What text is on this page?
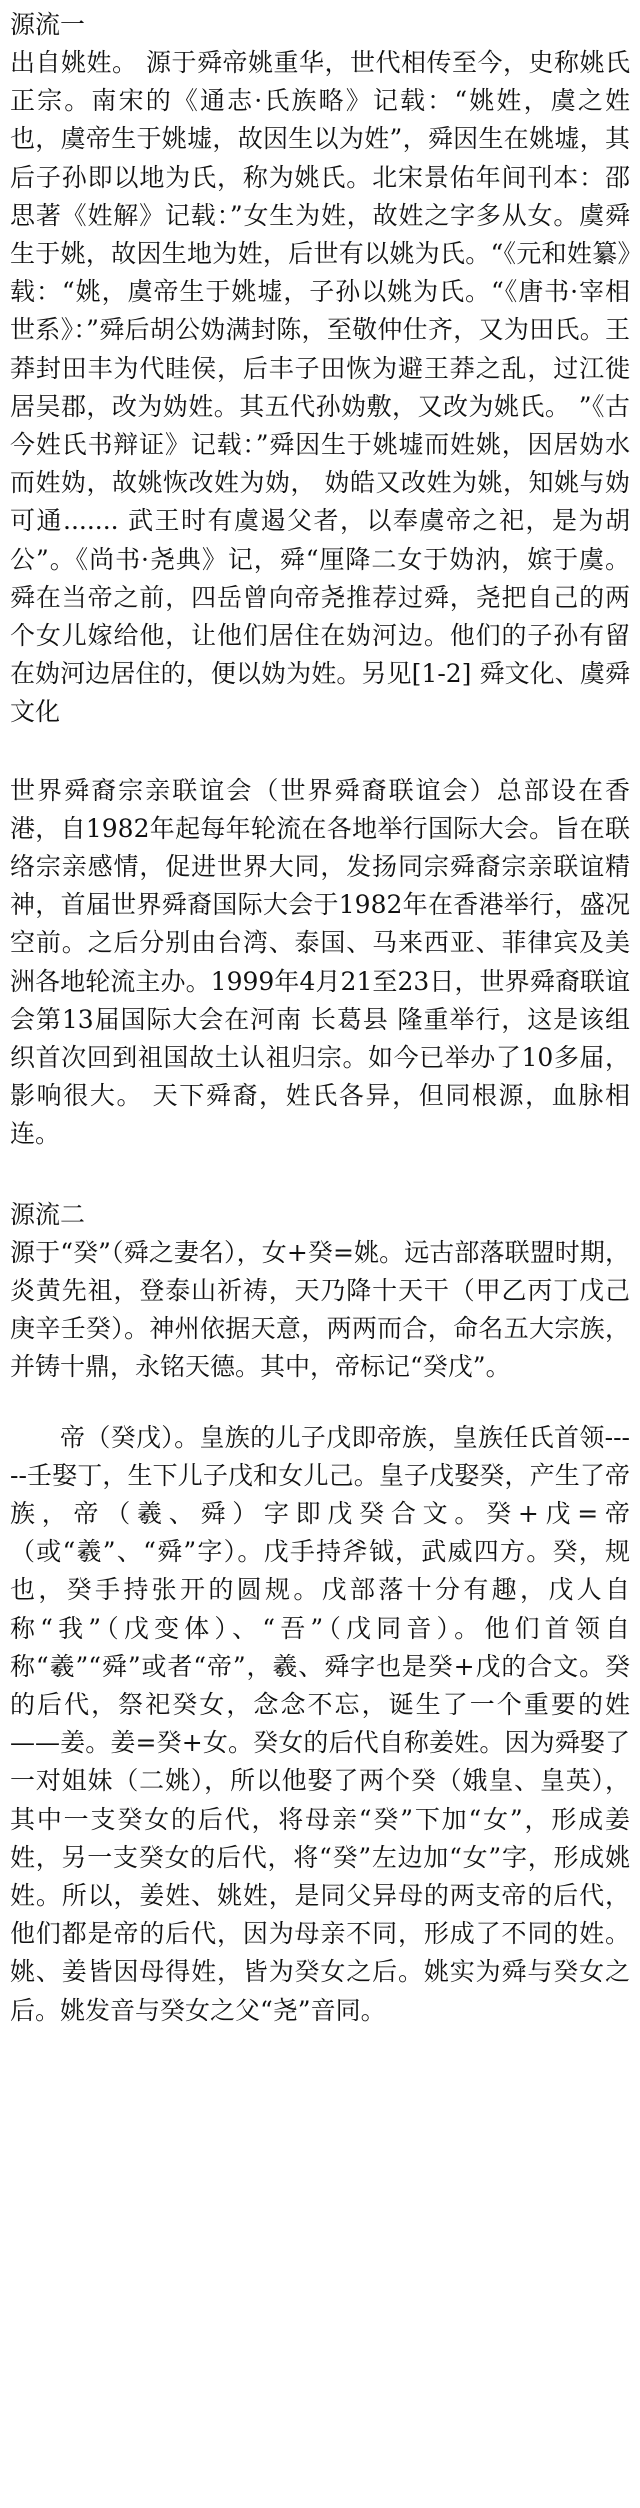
源流一

出自姚姓。 源于舜帝姚重华，世代相传至今，史称姚氏正宗。南宋的《通志·氏族略》记载：“姚姓，虞之姓也，虞帝生于姚墟，故因生以为姓”，舜因生在姚墟，其后子孙即以地为氏，称为姚氏。北宋景佑年间刊本：邵思著《姓解》记载：”女生为姓，故姓之字多从女。虞舜生于姚，故因生地为姓，后世有以姚为氏。“《元和姓纂》载：“姚，虞帝生于姚墟，子孙以姚为氏。“《唐书·宰相世系》：”舜后胡公妫满封陈，至敬仲仕齐，又为田氏。王莽封田丰为代眭侯，后丰子田恢为避王莽之乱，过江徙居吴郡，改为妫姓。其五代孙妫敷，又改为姚氏。 ”《古今姓氏书辩证》记载：”舜因生于姚墟而姓姚，因居妫水而姓妫，故姚恢改姓为妫， 妫皓又改姓为姚，知姚与妫可通....... 武王时有虞遏父者，以奉虞帝之祀，是为胡公”。《尚书·尧典》记，舜“厘降二女于妫汭，嫔于虞。 舜在当帝之前，四岳曾向帝尧推荐过舜，尧把自己的两个女儿嫁给他，让他们居住在妫河边。他们的子孙有留在妫河边居住的，便以妫为姓。另见[1-2] 舜文化、虞舜文化

世界舜裔宗亲联谊会（世界舜裔联谊会）总部设在香港，自1982年起每年轮流在各地举行国际大会。旨在联络宗亲感情，促进世界大同，发扬同宗舜裔宗亲联谊精神，首届世界舜裔国际大会于1982年在香港举行，盛况空前。之后分别由台湾、泰国、马来西亚、菲律宾及美洲各地轮流主办。1999年4月21至23日，世界舜裔联谊会第13届国际大会在河南 长葛县 隆重举行，这是该组织首次回到祖国故土认祖归宗。如今已举办了10多届，影响很大。 天下舜裔，姓氏各异，但同根源，血脉相连。

源流二

源于“癸”（舜之妻名），女+癸=姚。远古部落联盟时期，炎黄先祖，登泰山祈祷，天乃降十天干（甲乙丙丁戊己庚辛壬癸）。神州依据天意，两两而合，命名五大宗族，并铸十鼎，永铭天德。其中，帝标记“癸戊”。

帝（癸戊）。皇族的儿子戊即帝族，皇族任氏首领-----壬娶丁，生下儿子戊和女儿己。皇子戊娶癸，产生了帝族，帝（羲、舜）字即戊癸合文。癸+戊=帝（或“羲”、“舜”字）。戊手持斧钺，武威四方。癸，规也，癸手持张开的圆规。戊部落十分有趣，戊人自称“我”（戊变体）、“吾”（戊同音）。他们首领自称“羲”“舜”或者“帝”，羲、舜字也是癸+戊的合文。癸的后代，祭祀癸女，念念不忘，诞生了一个重要的姓——姜。姜=癸+女。癸女的后代自称姜姓。因为舜娶了一对姐妹（二姚），所以他娶了两个癸（娥皇、皇英），其中一支癸女的后代，将母亲“癸”下加“女”，形成姜姓，另一支癸女的后代，将“癸”左边加“女”字，形成姚姓。所以，姜姓、姚姓，是同父异母的两支帝的后代，他们都是帝的后代，因为母亲不同，形成了不同的姓。姚、姜皆因母得姓，皆为癸女之后。姚实为舜与癸女之后。姚发音与癸女之父“尧”音同。
